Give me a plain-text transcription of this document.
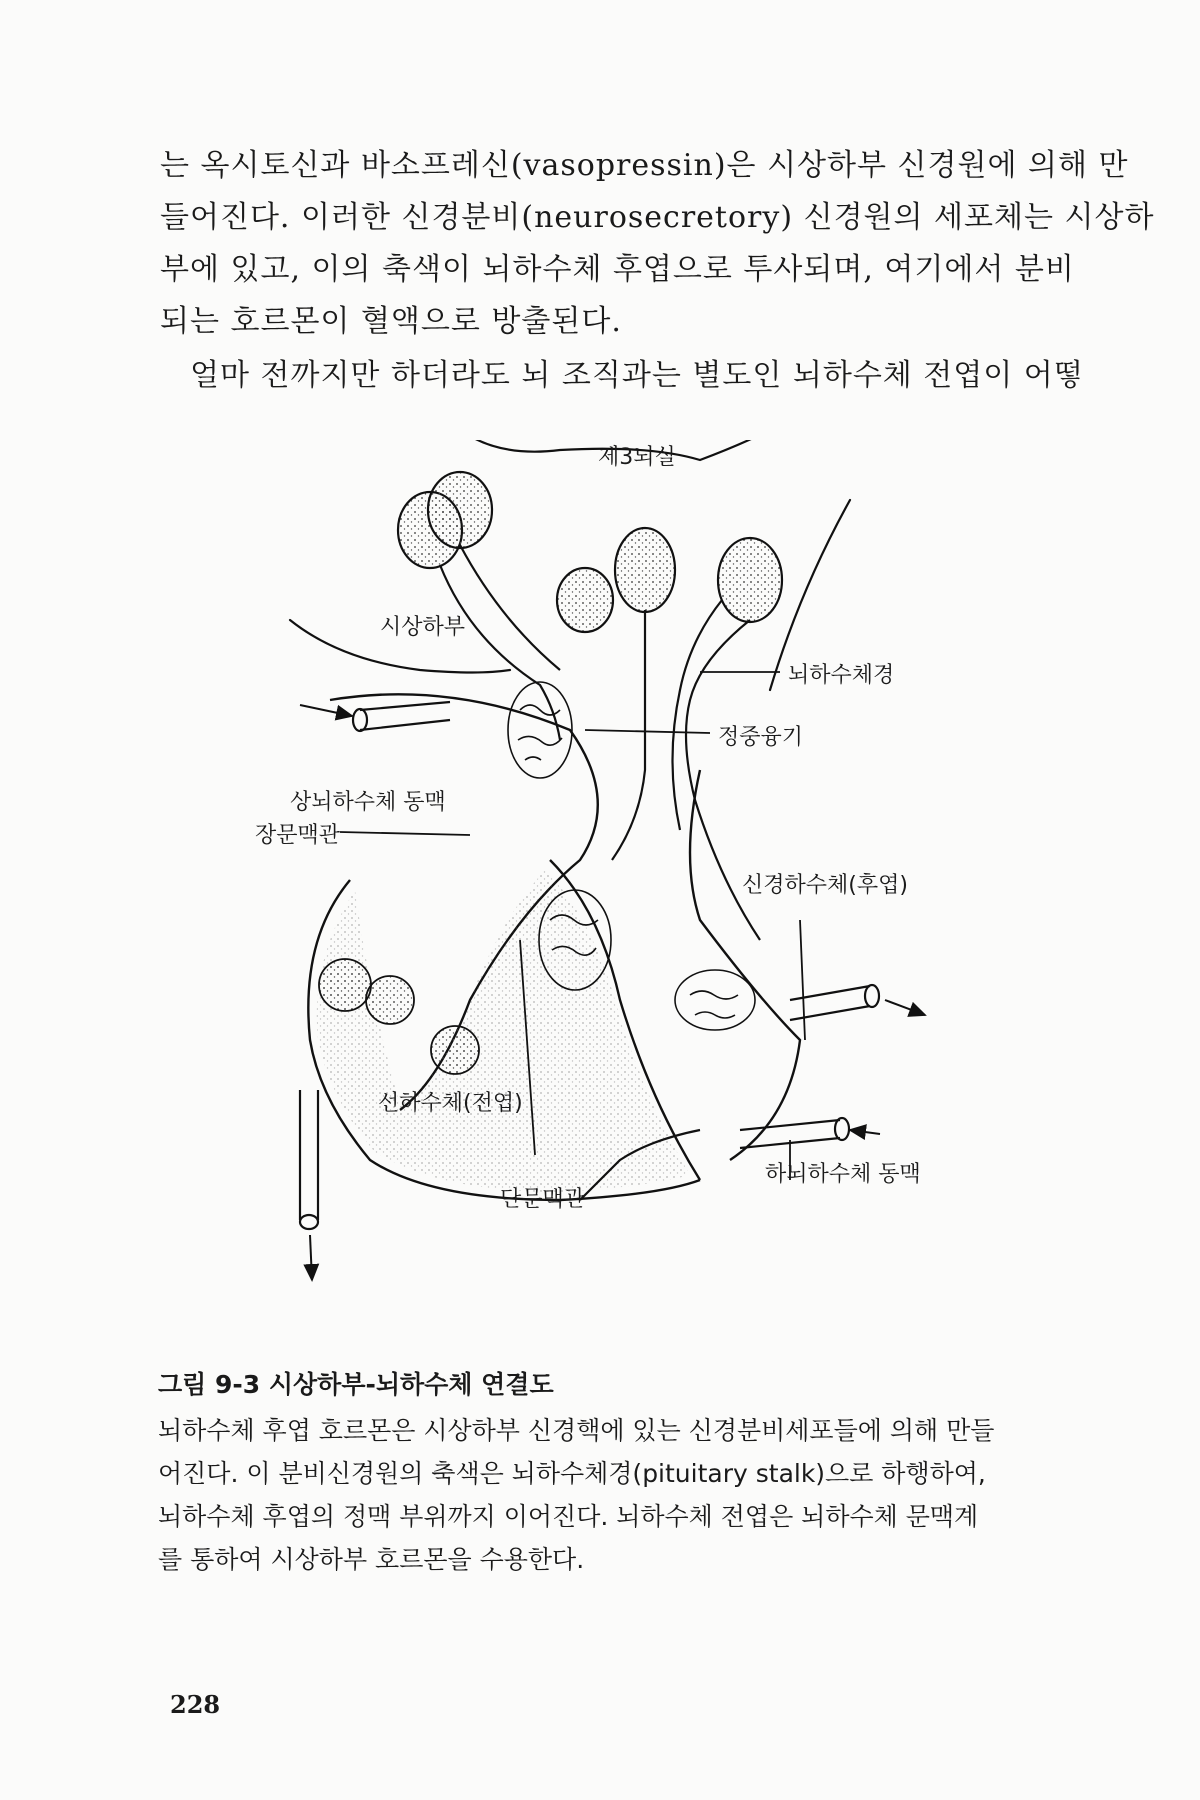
는 옥시토신과 바소프레신(vasopressin)은 시상하부 신경원에 의해 만

들어진다. 이러한 신경분비(neurosecretory) 신경원의 세포체는 시상하

부에 있고, 이의 축색이 뇌하수체 후엽으로 투사되며, 여기에서 분비

되는 호르몬이 혈액으로 방출된다.

얼마 전까지만 하더라도 뇌 조직과는 별도인 뇌하수체 전엽이 어떻

제3뇌실
시상하부
뇌하수체경
정중융기
상뇌하수체 동맥
장문맥관
신경하수체(후엽)
선하수체(전엽)
단문맥관
하뇌하수체 동맥

그림 9-3 시상하부-뇌하수체 연결도

뇌하수체 후엽 호르몬은 시상하부 신경핵에 있는 신경분비세포들에 의해 만들

어진다. 이 분비신경원의 축색은 뇌하수체경(pituitary stalk)으로 하행하여,

뇌하수체 후엽의 정맥 부위까지 이어진다. 뇌하수체 전엽은 뇌하수체 문맥계

를 통하여 시상하부 호르몬을 수용한다.

228
